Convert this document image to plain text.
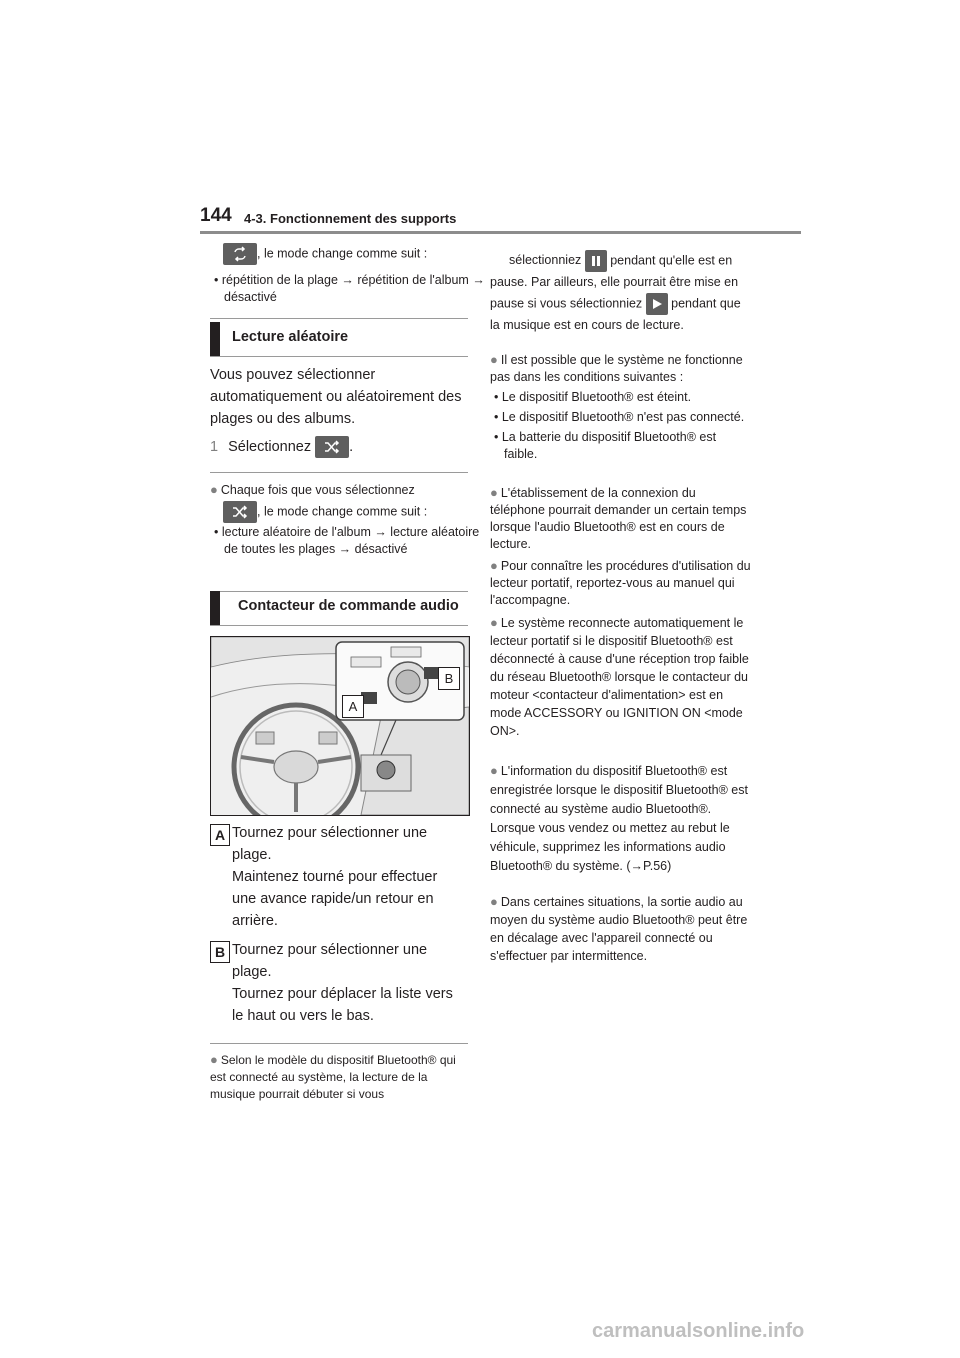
144 4-3. Fonctionnement des supports
, le mode change comme suit :
• répétition de la plage → répétition de l'album → désactivé
Lecture aléatoire
Vous pouvez sélectionner automatiquement ou aléatoirement des plages ou des albums.
1 Sélectionnez	.
● Chaque fois que vous sélectionnez
, le mode change comme suit :
• lecture aléatoire de l'album → lecture aléatoire de toutes les plages → désactivé
Contacteur de commande audio
B
A
A Tournez pour sélectionner une plage.

Maintenez tourné pour effectuer une avance rapide/un retour en arrière.

B Tournez pour sélectionner une plage.

Tournez pour déplacer la liste vers le haut ou vers le bas.

● Selon le modèle du dispositif Bluetooth® qui est connecté au système, la lecture de la musique pourrait débuter si vous
sélectionniez pendant qu'elle est en pause. Par ailleurs, elle pourrait être mise en pause si vous sélectionniez pendant que la musique est en cours de lecture.
● Il est possible que le système ne fonctionne pas dans les conditions suivantes :
• Le dispositif Bluetooth® est éteint.
• Le dispositif Bluetooth® n'est pas connecté.
• La batterie du dispositif Bluetooth® est faible.
● L'établissement de la connexion du téléphone pourrait demander un certain temps lorsque l'audio Bluetooth® est en cours de lecture.
● Pour connaître les procédures d'utilisation du lecteur portatif, reportez-vous au manuel qui l'accompagne.
● Le système reconnecte automatiquement le lecteur portatif si le dispositif Bluetooth® est déconnecté à cause d'une réception trop faible du réseau Bluetooth® lorsque le contacteur du moteur <contacteur d'alimentation> est en mode ACCESSORY ou IGNITION ON <mode ON>.
● L'information du dispositif Bluetooth® est enregistrée lorsque le dispositif Bluetooth® est connecté au système audio Bluetooth®. Lorsque vous vendez ou mettez au rebut le véhicule, supprimez les informations audio Bluetooth® du système. (→P.56)
● Dans certaines situations, la sortie audio au moyen du système audio Bluetooth® peut être en décalage avec l'appareil connecté ou s'effectuer par intermittence.
carmanualsonline.info
